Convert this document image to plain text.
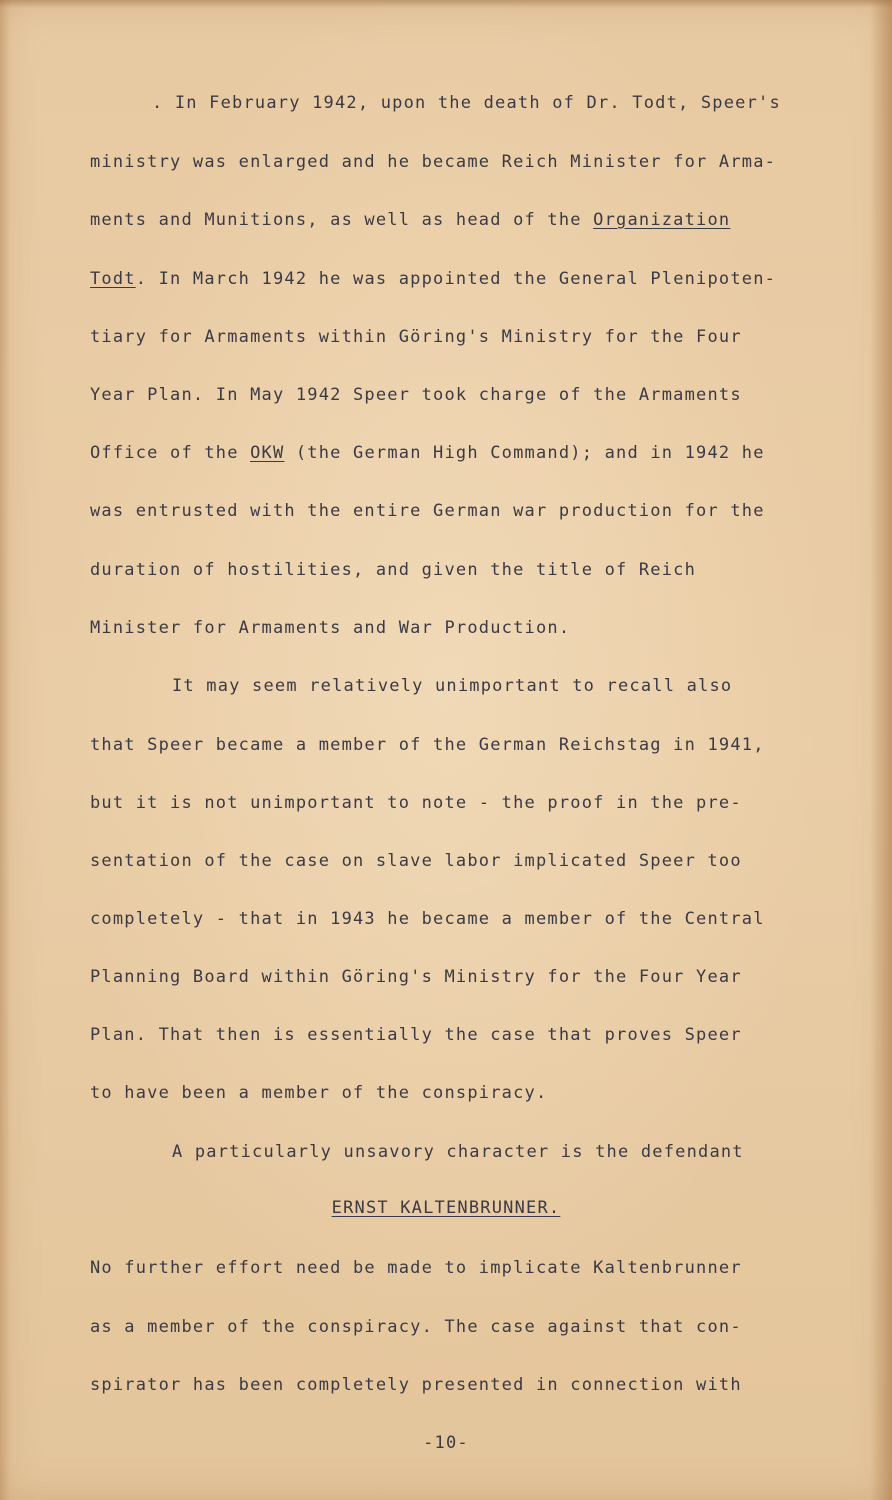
. In February 1942, upon the death of Dr. Todt, Speer's
ministry was enlarged and he became Reich Minister for Arma-
ments and Munitions, as well as head of the Organization
Todt. In March 1942 he was appointed the General Plenipoten-
tiary for Armaments within Göring's Ministry for the Four
Year Plan. In May 1942 Speer took charge of the Armaments
Office of the OKW (the German High Command); and in 1942 he
was entrusted with the entire German war production for the
duration of hostilities, and given the title of Reich
Minister for Armaments and War Production.
It may seem relatively unimportant to recall also
that Speer became a member of the German Reichstag in 1941,
but it is not unimportant to note - the proof in the pre-
sentation of the case on slave labor implicated Speer too
completely - that in 1943 he became a member of the Central
Planning Board within Göring's Ministry for the Four Year
Plan. That then is essentially the case that proves Speer
to have been a member of the conspiracy.
A particularly unsavory character is the defendant
ERNST KALTENBRUNNER.
No further effort need be made to implicate Kaltenbrunner
as a member of the conspiracy. The case against that con-
spirator has been completely presented in connection with
-10-
